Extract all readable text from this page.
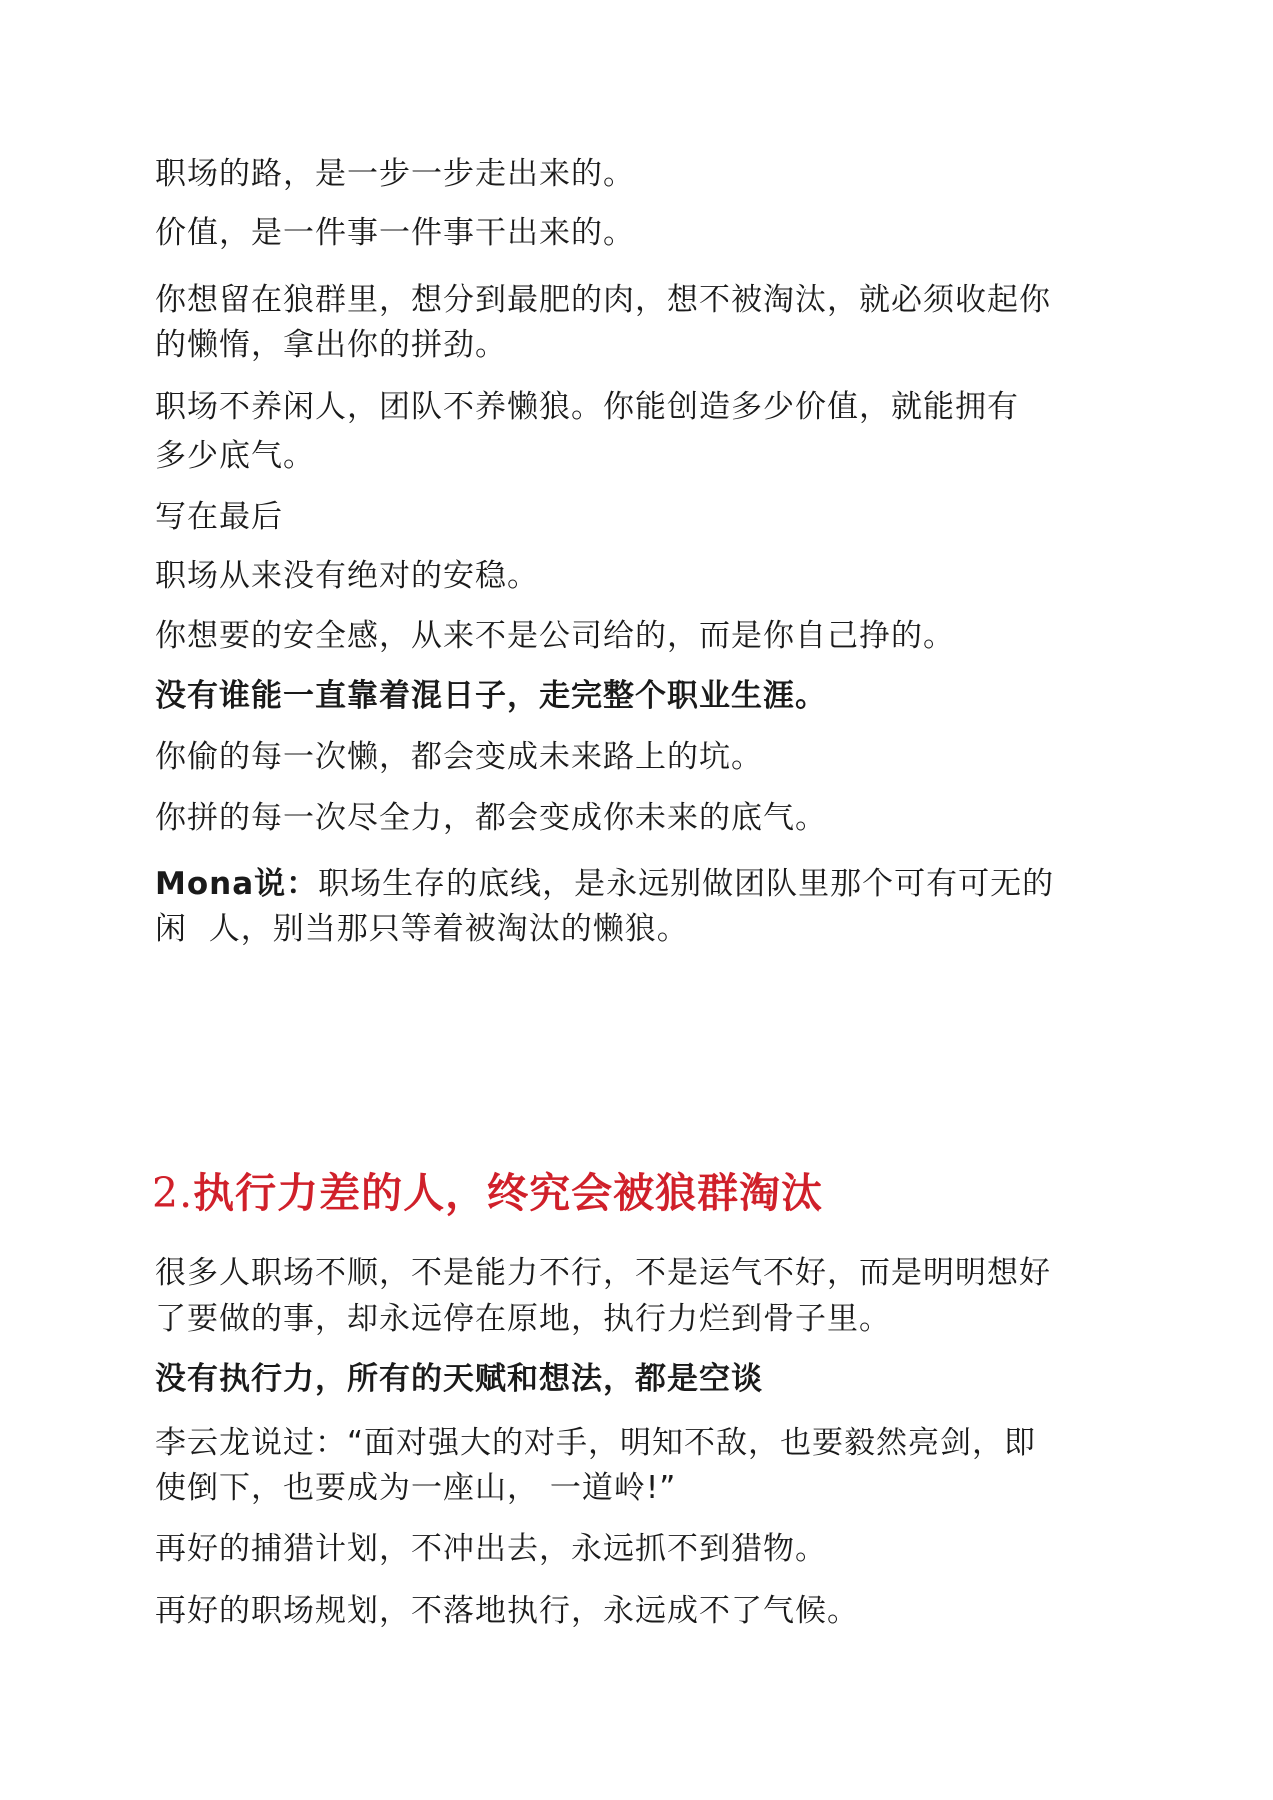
职场的路，是一步一步走出来的。

价值，是一件事一件事干出来的。

你想留在狼群里，想分到最肥的肉，想不被淘汰，就必须收起你

的懒惰，拿出你的拼劲。

职场不养闲人，团队不养懒狼。你能创造多少价值，就能拥有

多少底气。

写在最后

职场从来没有绝对的安稳。

你想要的安全感，从来不是公司给的，而是你自己挣的。

没有谁能一直靠着混日子，走完整个职业生涯。

你偷的每一次懒，都会变成未来路上的坑。

你拼的每一次尽全力，都会变成你未来的底气。

Mona说：职场生存的底线，是永远别做团队里那个可有可无的

闲  人，别当那只等着被淘汰的懒狼。

2.执行力差的人，终究会被狼群淘汰

很多人职场不顺，不是能力不行，不是运气不好，而是明明想好

了要做的事，却永远停在原地，执行力烂到骨子里。

没有执行力，所有的天赋和想法，都是空谈

李云龙说过：“面对强大的对手，明知不敌，也要毅然亮剑，即

使倒下，也要成为一座山， 一道岭!”

再好的捕猎计划，不冲出去，永远抓不到猎物。

再好的职场规划，不落地执行，永远成不了气候。
